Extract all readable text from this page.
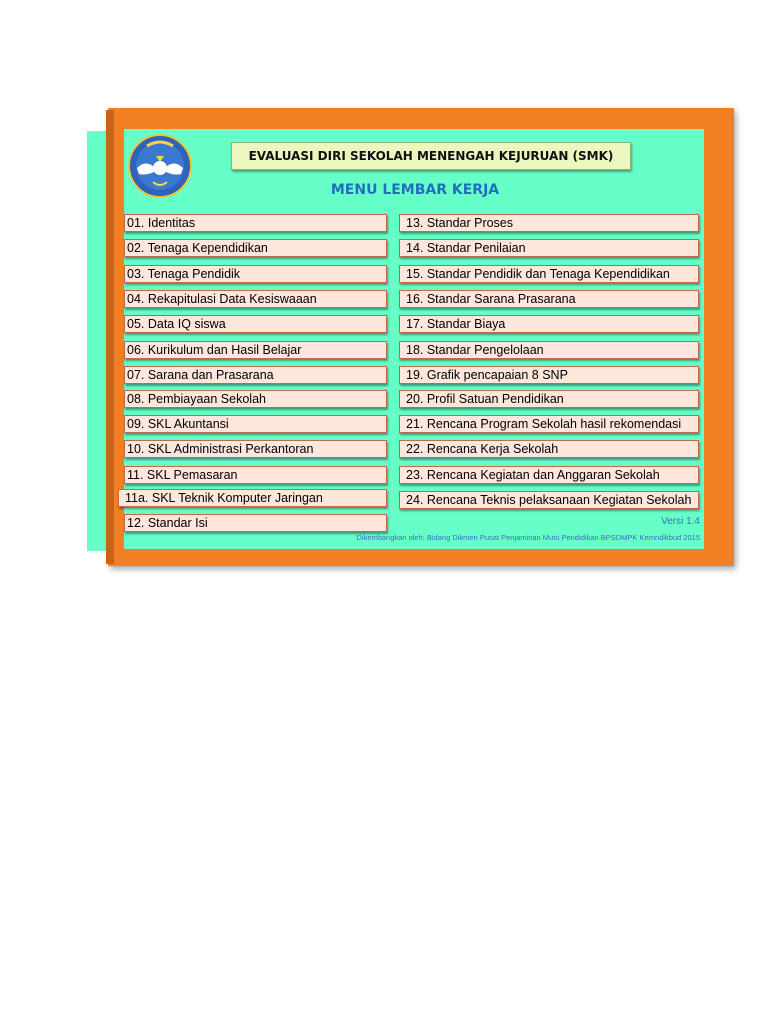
EVALUASI DIRI SEKOLAH MENENGAH KEJURUAN (SMK)
MENU LEMBAR KERJA
01. Identitas
02. Tenaga Kependidikan
03. Tenaga Pendidik
04. Rekapitulasi Data Kesiswaaan
05. Data IQ siswa
06. Kurikulum dan Hasil Belajar
07. Sarana dan Prasarana
08. Pembiayaan Sekolah
09. SKL Akuntansi
10. SKL Administrasi Perkantoran
11. SKL Pemasaran
11a. SKL Teknik Komputer Jaringan
12. Standar Isi
13. Standar Proses
14. Standar Penilaian
15. Standar Pendidik dan Tenaga Kependidikan
16. Standar Sarana Prasarana
17. Standar Biaya
18. Standar Pengelolaan
19. Grafik pencapaian 8 SNP
20. Profil Satuan Pendidikan
21. Rencana Program Sekolah hasil rekomendasi
22. Rencana Kerja Sekolah
23. Rencana Kegiatan dan Anggaran Sekolah
24. Rencana Teknis pelaksanaan Kegiatan Sekolah
Versi 1.4
Dikembangkan oleh: Bidang Dikmen Pusat Penjaminan Mutu Pendidikan BPSDMPK Kemndikbud 2015
